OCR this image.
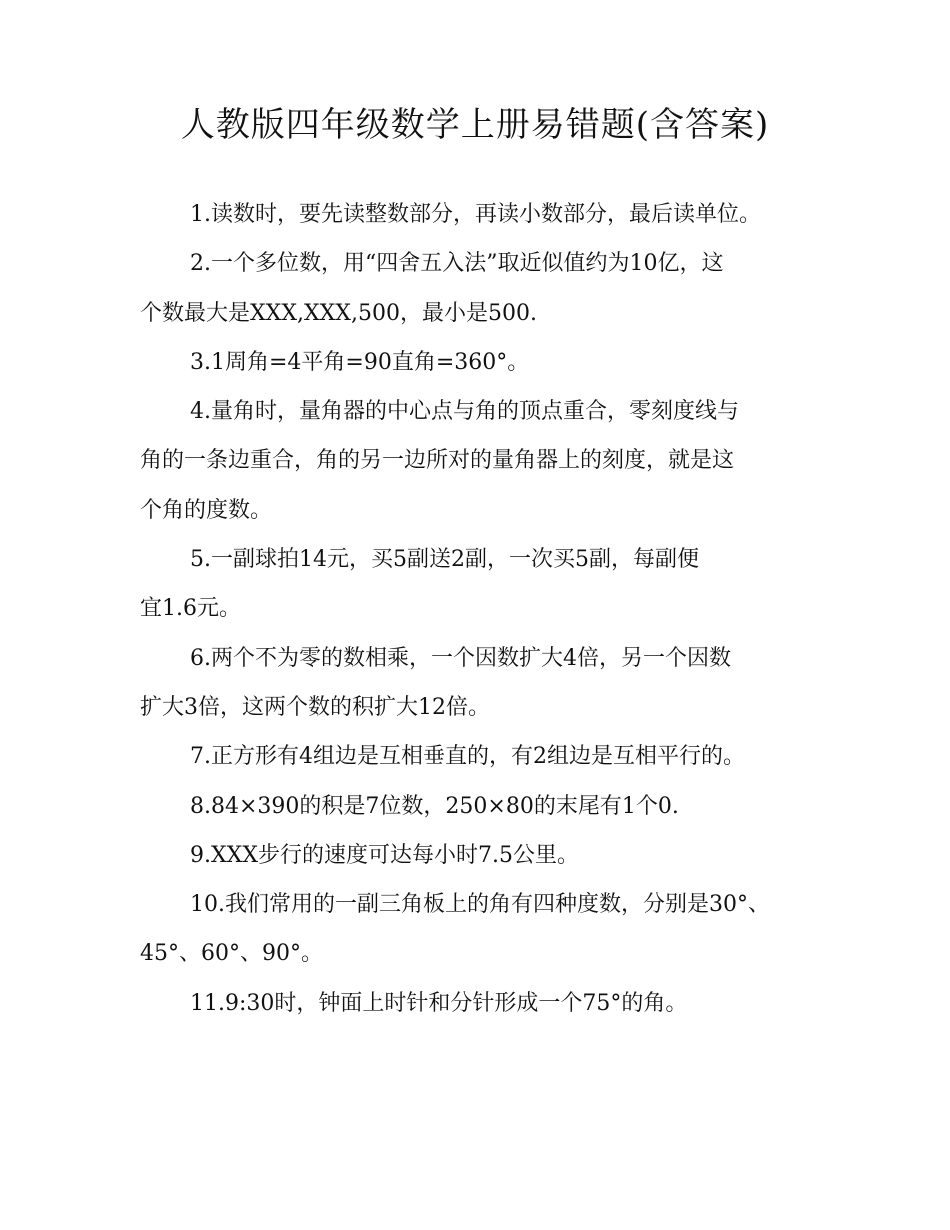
人教版四年级数学上册易错题(含答案)

1.读数时，要先读整数部分，再读小数部分，最后读单位。

2.一个多位数，用“四舍五入法”取近似值约为10亿，这
个数最大是XXX,XXX,500，最小是500.

3.1周角=4平角=90直角=360°。

4.量角时，量角器的中心点与角的顶点重合，零刻度线与
角的一条边重合，角的另一边所对的量角器上的刻度，就是这
个角的度数。

5.一副球拍14元，买5副送2副，一次买5副，每副便
宜1.6元。

6.两个不为零的数相乘，一个因数扩大4倍，另一个因数
扩大3倍，这两个数的积扩大12倍。

7.正方形有4组边是互相垂直的，有2组边是互相平行的。

8.84×390的积是7位数，250×80的末尾有1个0.

9.XXX步行的速度可达每小时7.5公里。

10.我们常用的一副三角板上的角有四种度数，分别是30°、
45°、60°、90°。

11.9:30时，钟面上时针和分针形成一个75°的角。
